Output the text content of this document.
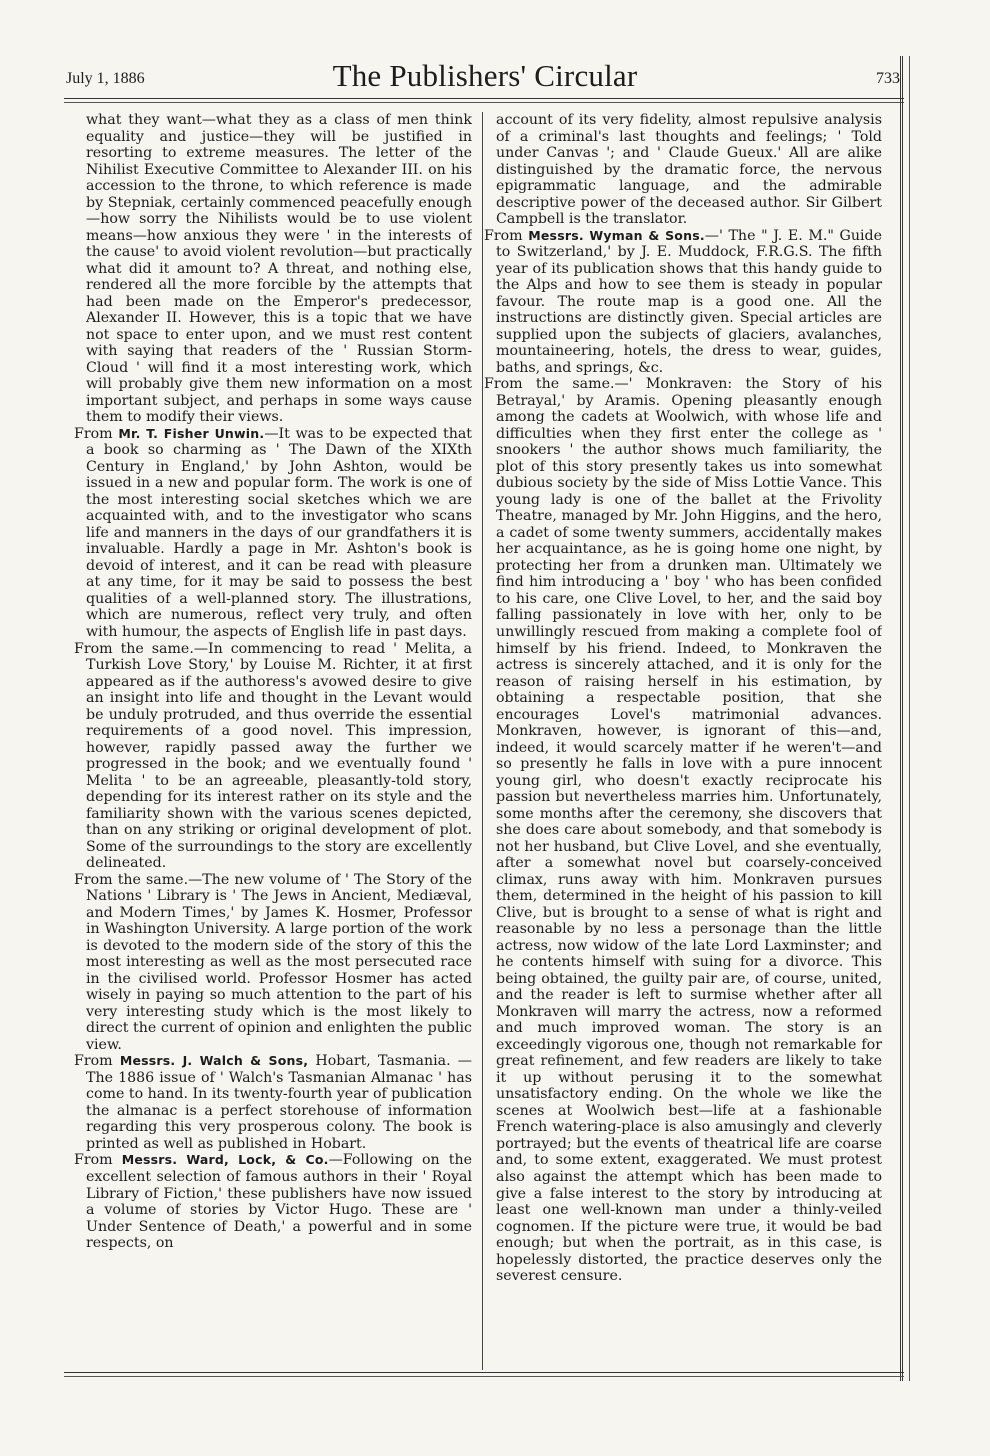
July 1, 1886	The Publishers' Circular	733

what they want—what they as a class of men think equality and justice—they will be justified in resorting to extreme measures. The letter of the Nihilist Executive Committee to Alexander III. on his accession to the throne, to which reference is made by Stepniak, certainly commenced peacefully enough—how sorry the Nihilists would be to use violent means—how anxious they were ' in the interests of the cause' to avoid violent revolution—but practically what did it amount to? A threat, and nothing else, rendered all the more forcible by the attempts that had been made on the Emperor's predecessor, Alexander II. However, this is a topic that we have not space to enter upon, and we must rest content with saying that readers of the ' Russian Storm-Cloud ' will find it a most interesting work, which will probably give them new information on a most important subject, and perhaps in some ways cause them to modify their views.

From Mr. T. Fisher Unwin.—It was to be expected that a book so charming as ' The Dawn of the XIXth Century in England,' by John Ashton, would be issued in a new and popular form. The work is one of the most interesting social sketches which we are acquainted with, and to the investigator who scans life and manners in the days of our grandfathers it is invaluable. Hardly a page in Mr. Ashton's book is devoid of interest, and it can be read with pleasure at any time, for it may be said to possess the best qualities of a well-planned story. The illustrations, which are numerous, reflect very truly, and often with humour, the aspects of English life in past days.

From the same.—In commencing to read ' Melita, a Turkish Love Story,' by Louise M. Richter, it at first appeared as if the authoress's avowed desire to give an insight into life and thought in the Levant would be unduly protruded, and thus override the essential requirements of a good novel. This impression, however, rapidly passed away the further we progressed in the book; and we eventually found ' Melita ' to be an agreeable, pleasantly-told story, depending for its interest rather on its style and the familiarity shown with the various scenes depicted, than on any striking or original development of plot. Some of the surroundings to the story are excellently delineated.

From the same.—The new volume of ' The Story of the Nations ' Library is ' The Jews in Ancient, Mediæval, and Modern Times,' by James K. Hosmer, Professor in Washington University. A large portion of the work is devoted to the modern side of the story of this the most interesting as well as the most persecuted race in the civilised world. Professor Hosmer has acted wisely in paying so much attention to the part of his very interesting study which is the most likely to direct the current of opinion and enlighten the public view.

From Messrs. J. Walch & Sons, Hobart, Tasmania. —The 1886 issue of ' Walch's Tasmanian Almanac ' has come to hand. In its twenty-fourth year of publication the almanac is a perfect storehouse of information regarding this very prosperous colony. The book is printed as well as published in Hobart.

From Messrs. Ward, Lock, & Co.—Following on the excellent selection of famous authors in their ' Royal Library of Fiction,' these publishers have now issued a volume of stories by Victor Hugo. These are ' Under Sentence of Death,' a powerful and in some respects, on

account of its very fidelity, almost repulsive analysis of a criminal's last thoughts and feelings; ' Told under Canvas '; and ' Claude Gueux.' All are alike distinguished by the dramatic force, the nervous epigrammatic language, and the admirable descriptive power of the deceased author. Sir Gilbert Campbell is the translator.

From Messrs. Wyman & Sons.—' The " J. E. M." Guide to Switzerland,' by J. E. Muddock, F.R.G.S. The fifth year of its publication shows that this handy guide to the Alps and how to see them is steady in popular favour. The route map is a good one. All the instructions are distinctly given. Special articles are supplied upon the subjects of glaciers, avalanches, mountaineering, hotels, the dress to wear, guides, baths, and springs, &c.

From the same.—' Monkraven: the Story of his Betrayal,' by Aramis. Opening pleasantly enough among the cadets at Woolwich, with whose life and difficulties when they first enter the college as ' snookers ' the author shows much familiarity, the plot of this story presently takes us into somewhat dubious society by the side of Miss Lottie Vance. This young lady is one of the ballet at the Frivolity Theatre, managed by Mr. John Higgins, and the hero, a cadet of some twenty summers, accidentally makes her acquaintance, as he is going home one night, by protecting her from a drunken man. Ultimately we find him introducing a ' boy ' who has been confided to his care, one Clive Lovel, to her, and the said boy falling passionately in love with her, only to be unwillingly rescued from making a complete fool of himself by his friend. Indeed, to Monkraven the actress is sincerely attached, and it is only for the reason of raising herself in his estimation, by obtaining a respectable position, that she encourages Lovel's matrimonial advances. Monkraven, however, is ignorant of this—and, indeed, it would scarcely matter if he weren't—and so presently he falls in love with a pure innocent young girl, who doesn't exactly reciprocate his passion but nevertheless marries him. Unfortunately, some months after the ceremony, she discovers that she does care about somebody, and that somebody is not her husband, but Clive Lovel, and she eventually, after a somewhat novel but coarsely-conceived climax, runs away with him. Monkraven pursues them, determined in the height of his passion to kill Clive, but is brought to a sense of what is right and reasonable by no less a personage than the little actress, now widow of the late Lord Laxminster; and he contents himself with suing for a divorce. This being obtained, the guilty pair are, of course, united, and the reader is left to surmise whether after all Monkraven will marry the actress, now a reformed and much improved woman. The story is an exceedingly vigorous one, though not remarkable for great refinement, and few readers are likely to take it up without perusing it to the somewhat unsatisfactory ending. On the whole we like the scenes at Woolwich best—life at a fashionable French watering-place is also amusingly and cleverly portrayed; but the events of theatrical life are coarse and, to some extent, exaggerated. We must protest also against the attempt which has been made to give a false interest to the story by introducing at least one well-known man under a thinly-veiled cognomen. If the picture were true, it would be bad enough; but when the portrait, as in this case, is hopelessly distorted, the practice deserves only the severest censure.
